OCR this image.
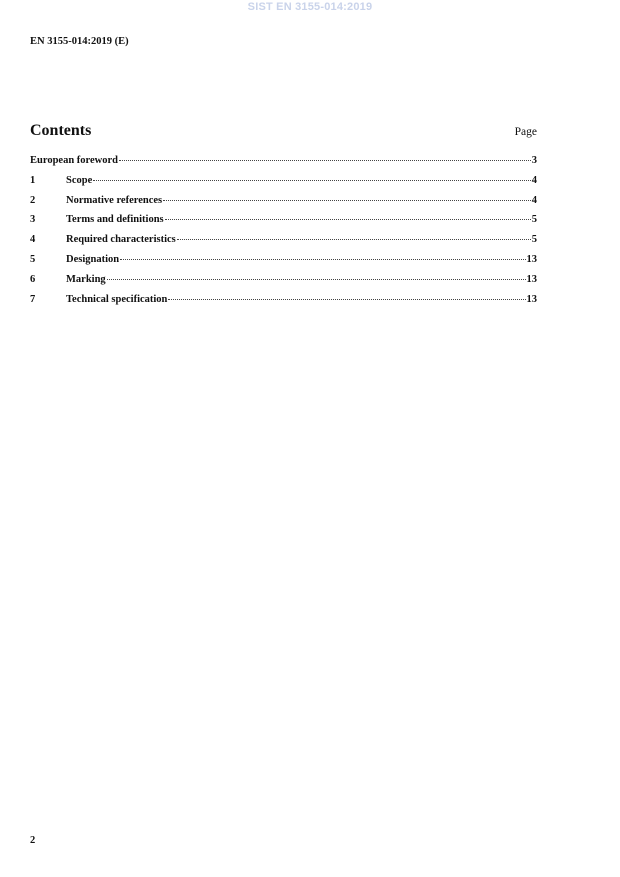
SIST EN 3155-014:2019
EN 3155-014:2019 (E)
Contents	Page
European foreword	3
1	Scope	4
2	Normative references	4
3	Terms and definitions	5
4	Required characteristics	5
5	Designation	13
6	Marking	13
7	Technical specification	13
2
